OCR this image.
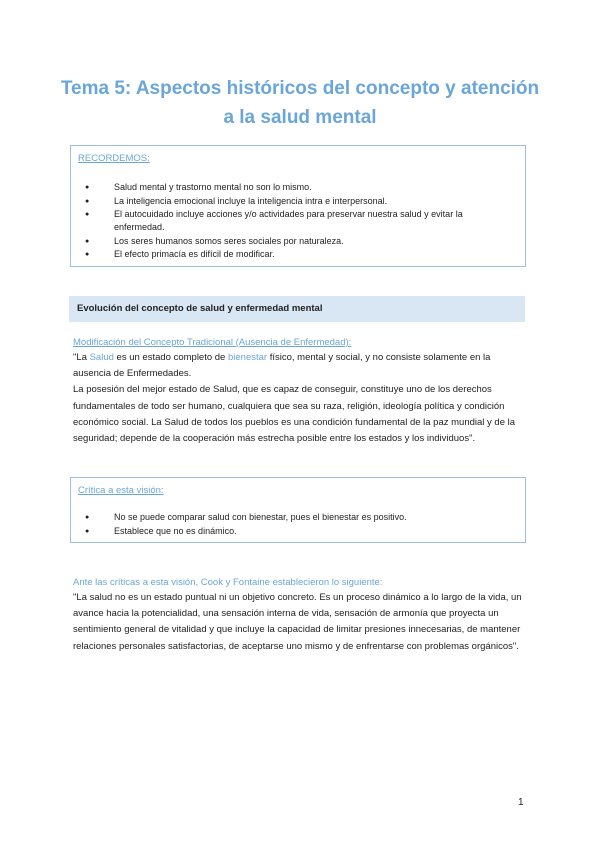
Tema 5: Aspectos históricos del concepto y atención a la salud mental
RECORDEMOS:
● Salud mental y trastorno mental no son lo mismo.
● La inteligencia emocional incluye la inteligencia intra e interpersonal.
● El autocuidado incluye acciones y/o actividades para preservar nuestra salud y evitar la enfermedad.
● Los seres humanos somos seres sociales por naturaleza.
● El efecto primacía es difícil de modificar.
Evolución del concepto de salud y enfermedad mental
Modificación del Concepto Tradicional (Ausencia de Enfermedad):
"La Salud es un estado completo de bienestar físico, mental y social, y no consiste solamente en la ausencia de Enfermedades.
La posesión del mejor estado de Salud, que es capaz de conseguir, constituye uno de los derechos fundamentales de todo ser humano, cualquiera que sea su raza, religión, ideología política y condición económico social. La Salud de todos los pueblos es una condición fundamental de la paz mundial y de la seguridad; depende de la cooperación más estrecha posible entre los estados y los individuos".
Crítica a esta visión:
● No se puede comparar salud con bienestar, pues el bienestar es positivo.
● Establece que no es dinámico.
Ante las críticas a esta visión, Cook y Fontaine establecieron lo siguiente:
"La salud no es un estado puntual ni un objetivo concreto. Es un proceso dinámico a lo largo de la vida, un avance hacia la potencialidad, una sensación interna de vida, sensación de armonía que proyecta un sentimiento general de vitalidad y que incluye la capacidad de limitar presiones innecesarias, de mantener relaciones personales satisfactorias, de aceptarse uno mismo y de enfrentarse con problemas orgánicos".
1
